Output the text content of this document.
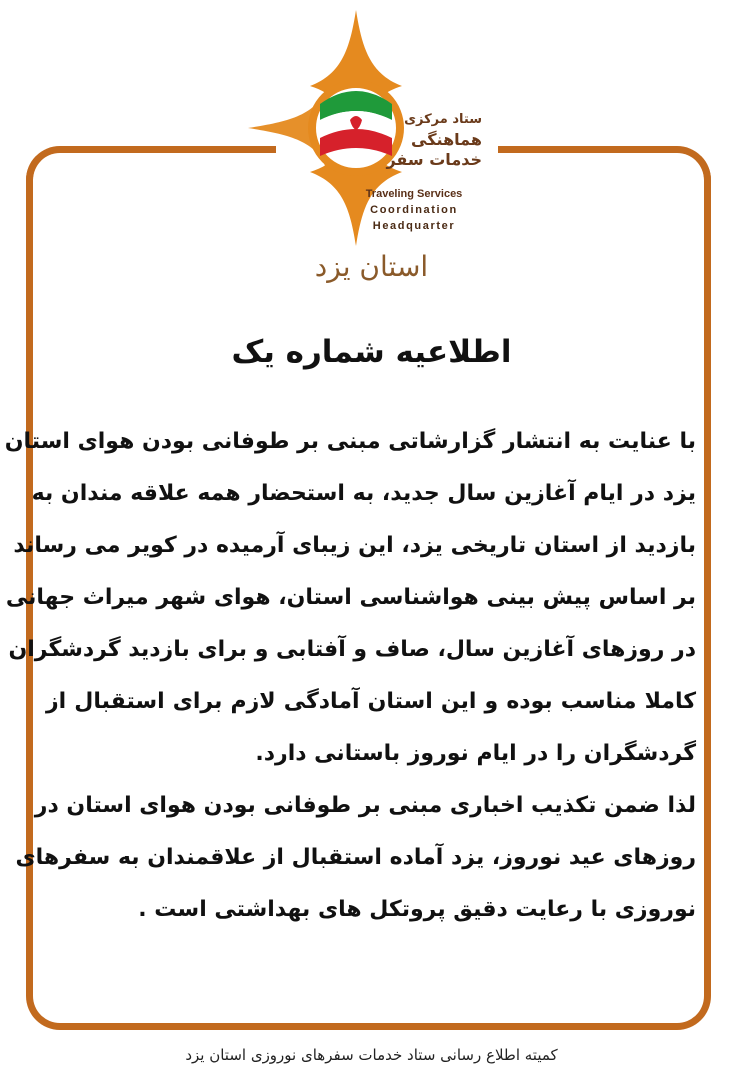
ستاد مرکزی
هماهنگی
خدمات سفر
Traveling Services
Coordination
Headquarter
استان یزد
اطلاعیه شماره یک
با عنایت به انتشار گزارشاتی مبنی بر طوفانی بودن هوای استان
یزد در ایام آغازین سال جدید، به استحضار همه علاقه مندان به
بازدید از استان تاریخی یزد، این زیبای آرمیده در کویر می رساند
بر اساس پیش بینی هواشناسی استان، هوای شهر میراث جهانی
در روزهای آغازین سال، صاف و آفتابی و برای بازدید گردشگران
کاملا مناسب بوده و این استان آمادگی لازم برای استقبال از
گردشگران را در ایام نوروز باستانی دارد.
لذا ضمن تکذیب اخباری مبنی بر طوفانی بودن هوای استان در
روزهای عید نوروز، یزد آماده استقبال از علاقمندان به سفرهای
نوروزی با رعایت دقیق پروتکل های بهداشتی است .
کمیته اطلاع رسانی ستاد خدمات سفرهای نوروزی استان یزد
